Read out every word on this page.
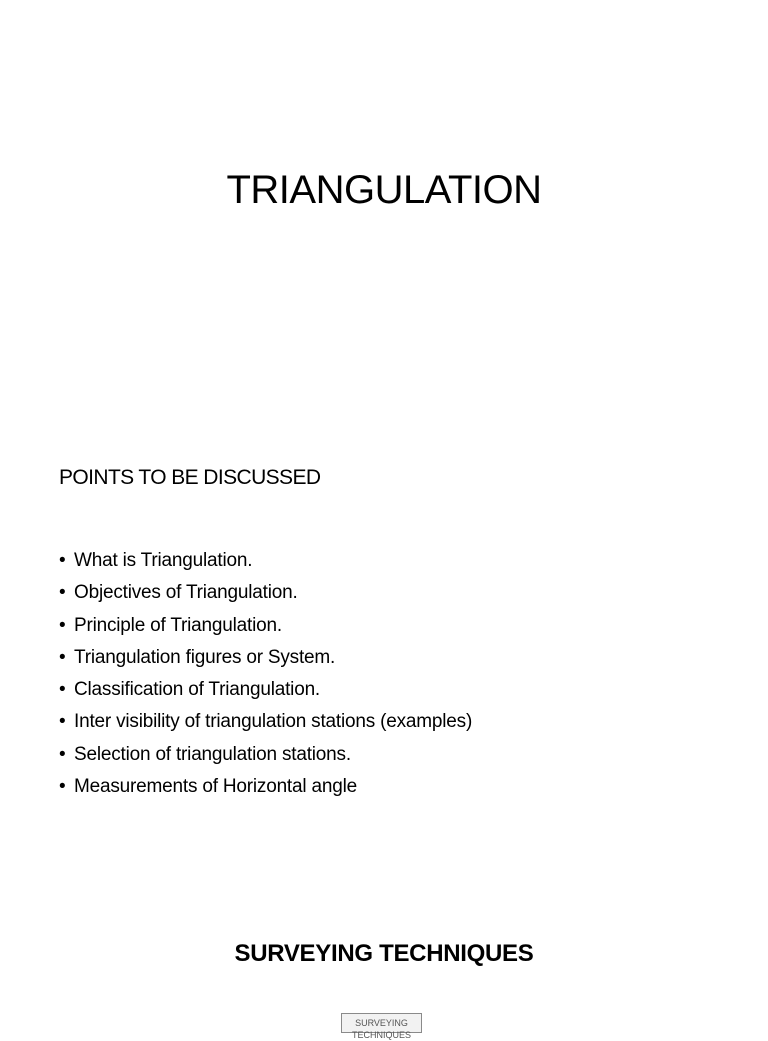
TRIANGULATION
POINTS TO BE DISCUSSED
• What is Triangulation.
• Objectives of Triangulation.
• Principle of Triangulation.
• Triangulation figures or System.
• Classification of Triangulation.
• Inter visibility of triangulation stations (examples)
• Selection of triangulation stations.
• Measurements of Horizontal angle
SURVEYING TECHNIQUES
SURVEYING TECHNIQUES
